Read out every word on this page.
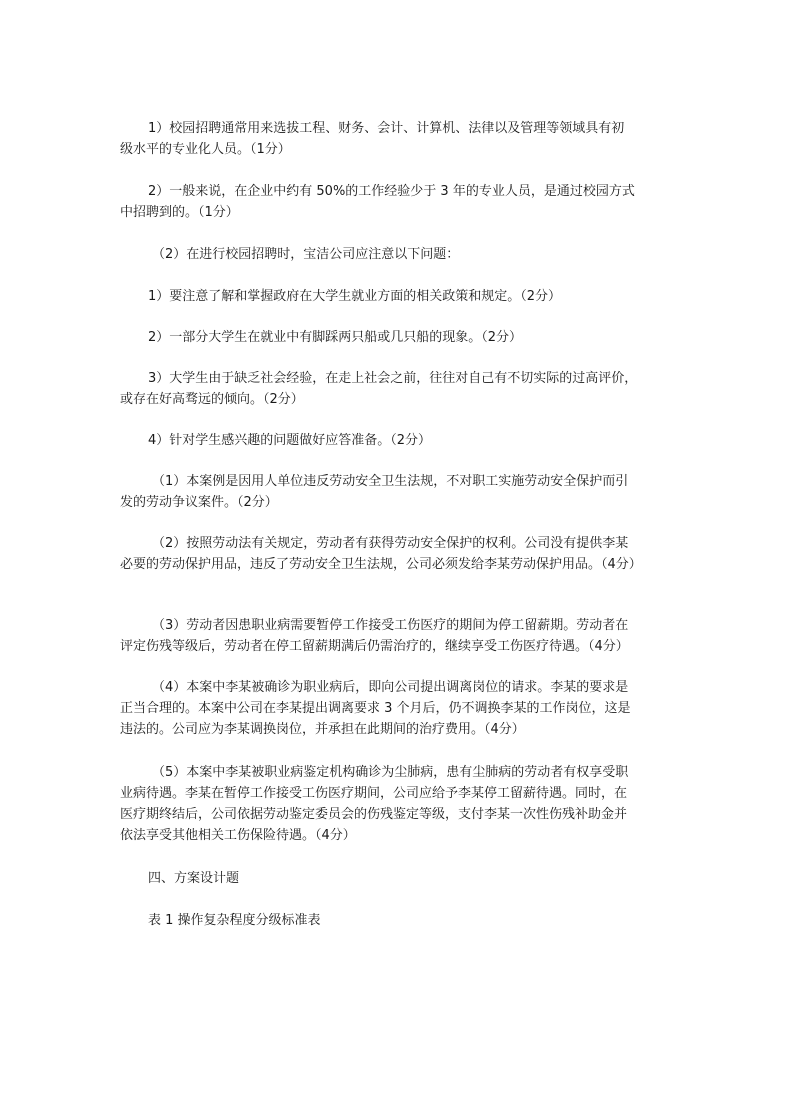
1）校园招聘通常用来选拔工程、财务、会计、计算机、法律以及管理等领域具有初
级水平的专业化人员。（1分）

2）一般来说，在企业中约有 50%的工作经验少于 3 年的专业人员，是通过校园方式
中招聘到的。（1分）

（2）在进行校园招聘时，宝洁公司应注意以下问题：

1）要注意了解和掌握政府在大学生就业方面的相关政策和规定。（2分）

2）一部分大学生在就业中有脚踩两只船或几只船的现象。（2分）

3）大学生由于缺乏社会经验，在走上社会之前，往往对自己有不切实际的过高评价，
或存在好高骛远的倾向。（2分）

4）针对学生感兴趣的问题做好应答准备。（2分）

（1）本案例是因用人单位违反劳动安全卫生法规，不对职工实施劳动安全保护而引
发的劳动争议案件。（2分）

（2）按照劳动法有关规定，劳动者有获得劳动安全保护的权利。公司没有提供李某
必要的劳动保护用品，违反了劳动安全卫生法规，公司必须发给李某劳动保护用品。（4分）

（3）劳动者因患职业病需要暂停工作接受工伤医疗的期间为停工留薪期。劳动者在
评定伤残等级后，劳动者在停工留薪期满后仍需治疗的，继续享受工伤医疗待遇。（4分）

（4）本案中李某被确诊为职业病后，即向公司提出调离岗位的请求。李某的要求是
正当合理的。本案中公司在李某提出调离要求 3 个月后，仍不调换李某的工作岗位，这是
违法的。公司应为李某调换岗位，并承担在此期间的治疗费用。（4分）

（5）本案中李某被职业病鉴定机构确诊为尘肺病，患有尘肺病的劳动者有权享受职
业病待遇。李某在暂停工作接受工伤医疗期间，公司应给予李某停工留薪待遇。同时，在
医疗期终结后，公司依据劳动鉴定委员会的伤残鉴定等级，支付李某一次性伤残补助金并
依法享受其他相关工伤保险待遇。（4分）

四、方案设计题

表 1 操作复杂程度分级标准表
